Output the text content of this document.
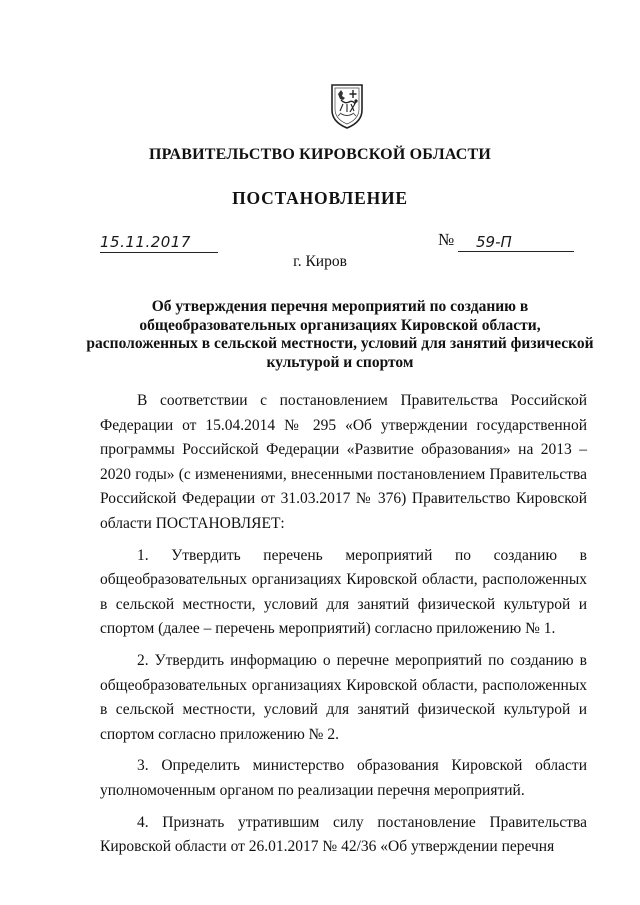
ПРАВИТЕЛЬСТВО КИРОВСКОЙ ОБЛАСТИ
ПОСТАНОВЛЕНИЕ
15.11.2017	№ 59-П
г. Киров
Об утверждения перечня мероприятий по созданию в
общеобразовательных организациях Кировской области,
расположенных в сельской местности, условий для занятий физической
культурой и спортом

В соответствии с постановлением Правительства Российской Федерации от 15.04.2014 № 295 «Об утверждении государственной программы Российской Федерации «Развитие образования» на 2013 – 2020 годы» (с изменениями, внесенными постановлением Правительства Российской Федерации от 31.03.2017 № 376) Правительство Кировской области ПОСТАНОВЛЯЕТ:

1. Утвердить перечень мероприятий по созданию в общеобразовательных организациях Кировской области, расположенных в сельской местности, условий для занятий физической культурой и спортом (далее – перечень мероприятий) согласно приложению № 1.

2. Утвердить информацию о перечне мероприятий по созданию в общеобразовательных организациях Кировской области, расположенных в сельской местности, условий для занятий физической культурой и спортом согласно приложению № 2.

3. Определить министерство образования Кировской области уполномоченным органом по реализации перечня мероприятий.

4. Признать утратившим силу постановление Правительства Кировской области от 26.01.2017 № 42/36 «Об утверждении перечня
